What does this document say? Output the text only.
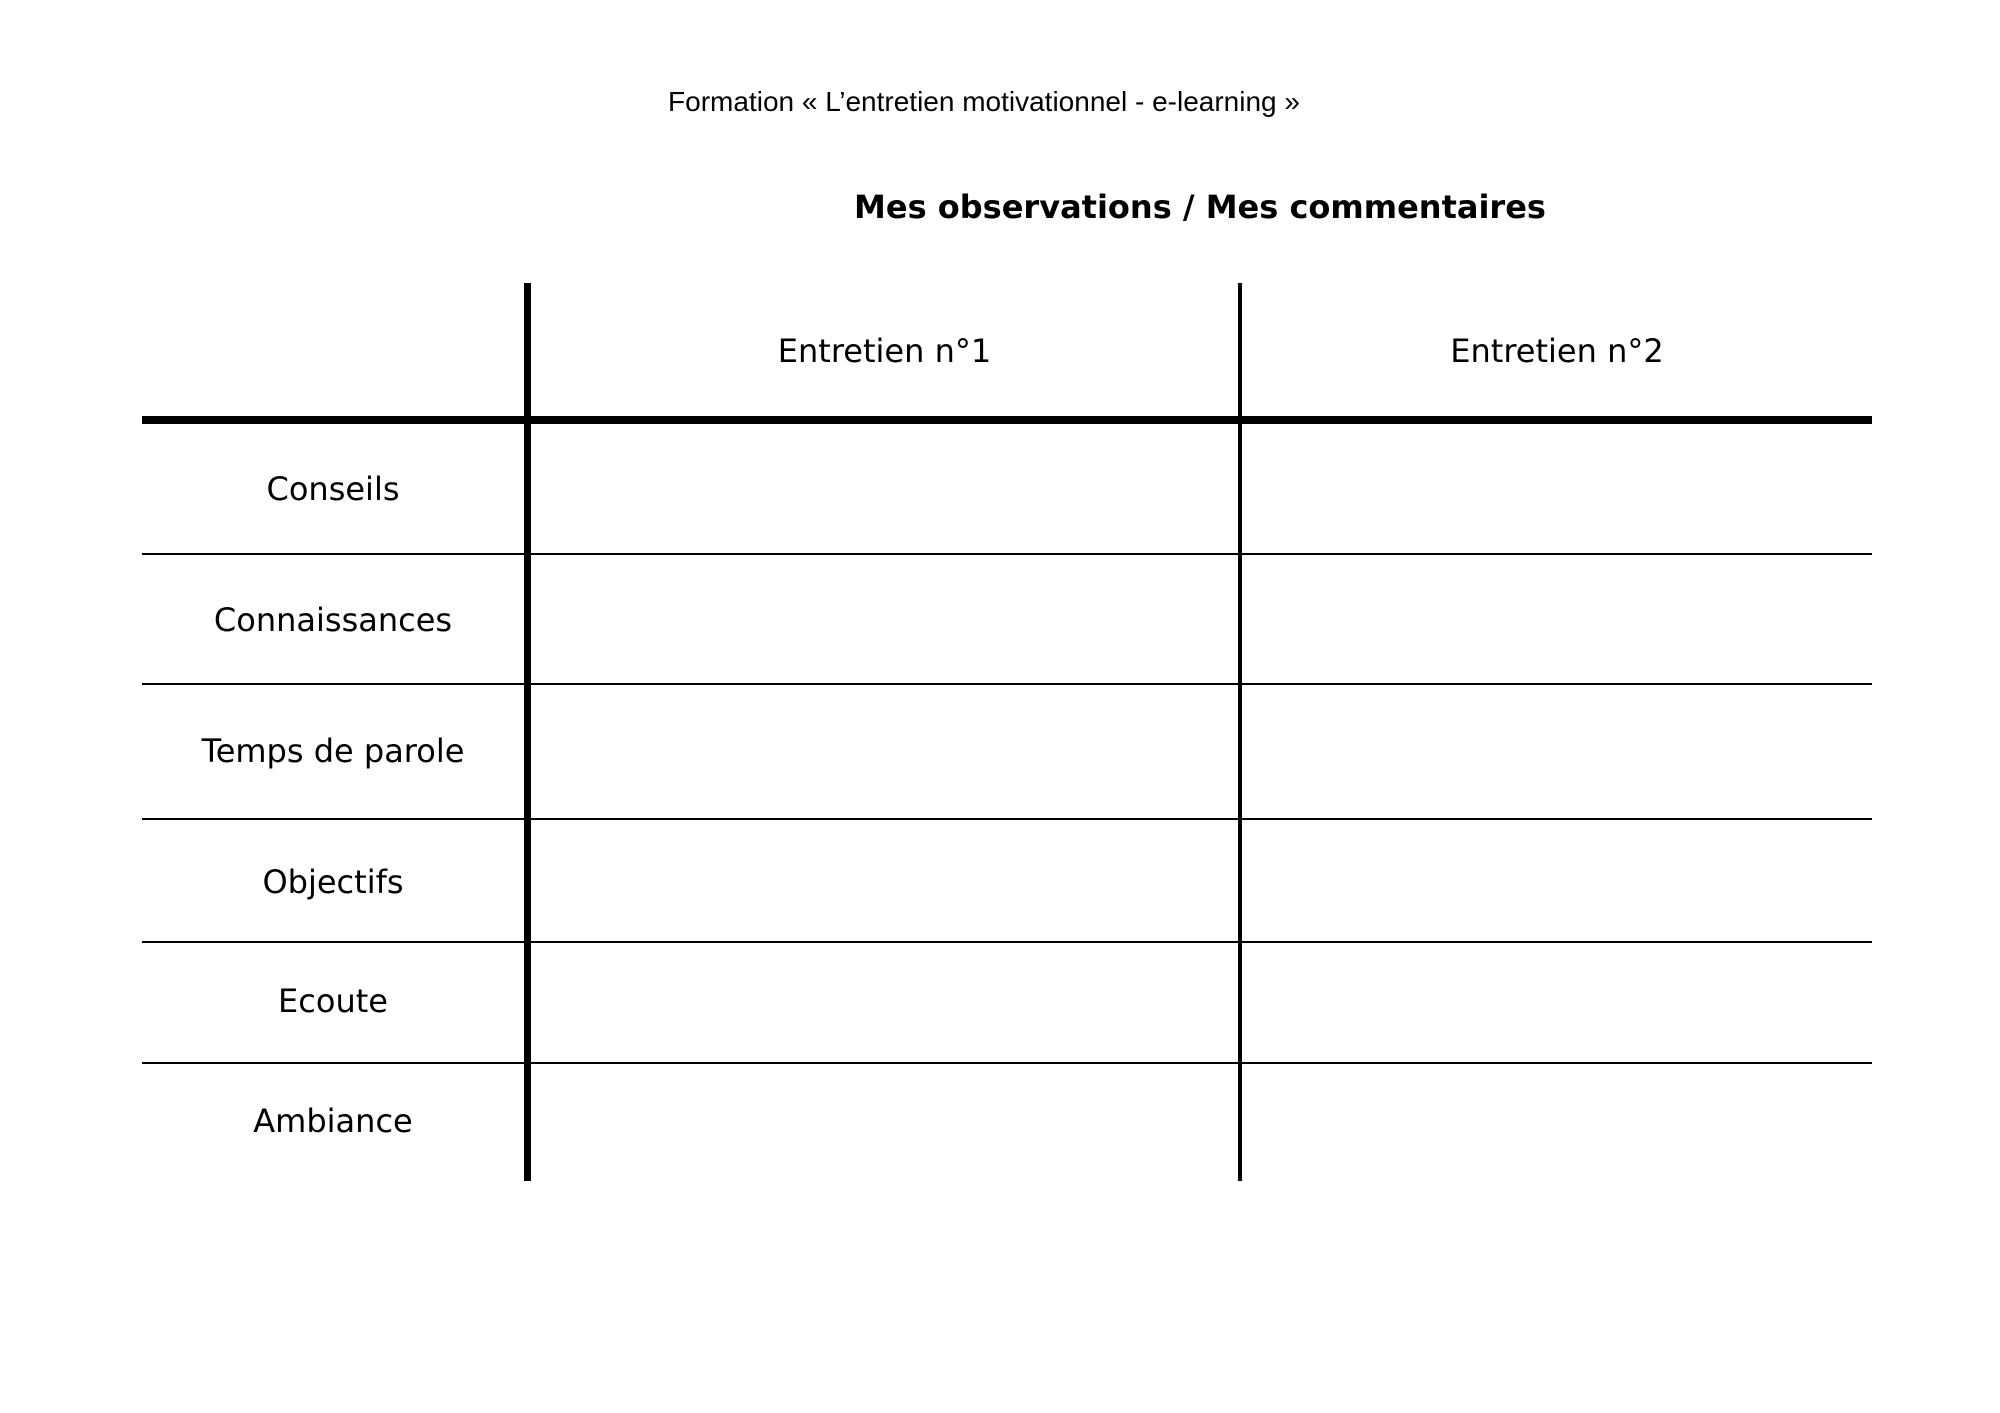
Formation « L’entretien motivationnel - e-learning »
Mes observations / Mes commentaires
Entretien n°1	Entretien n°2
Conseils
Connaissances
Temps de parole
Objectifs
Ecoute
Ambiance
